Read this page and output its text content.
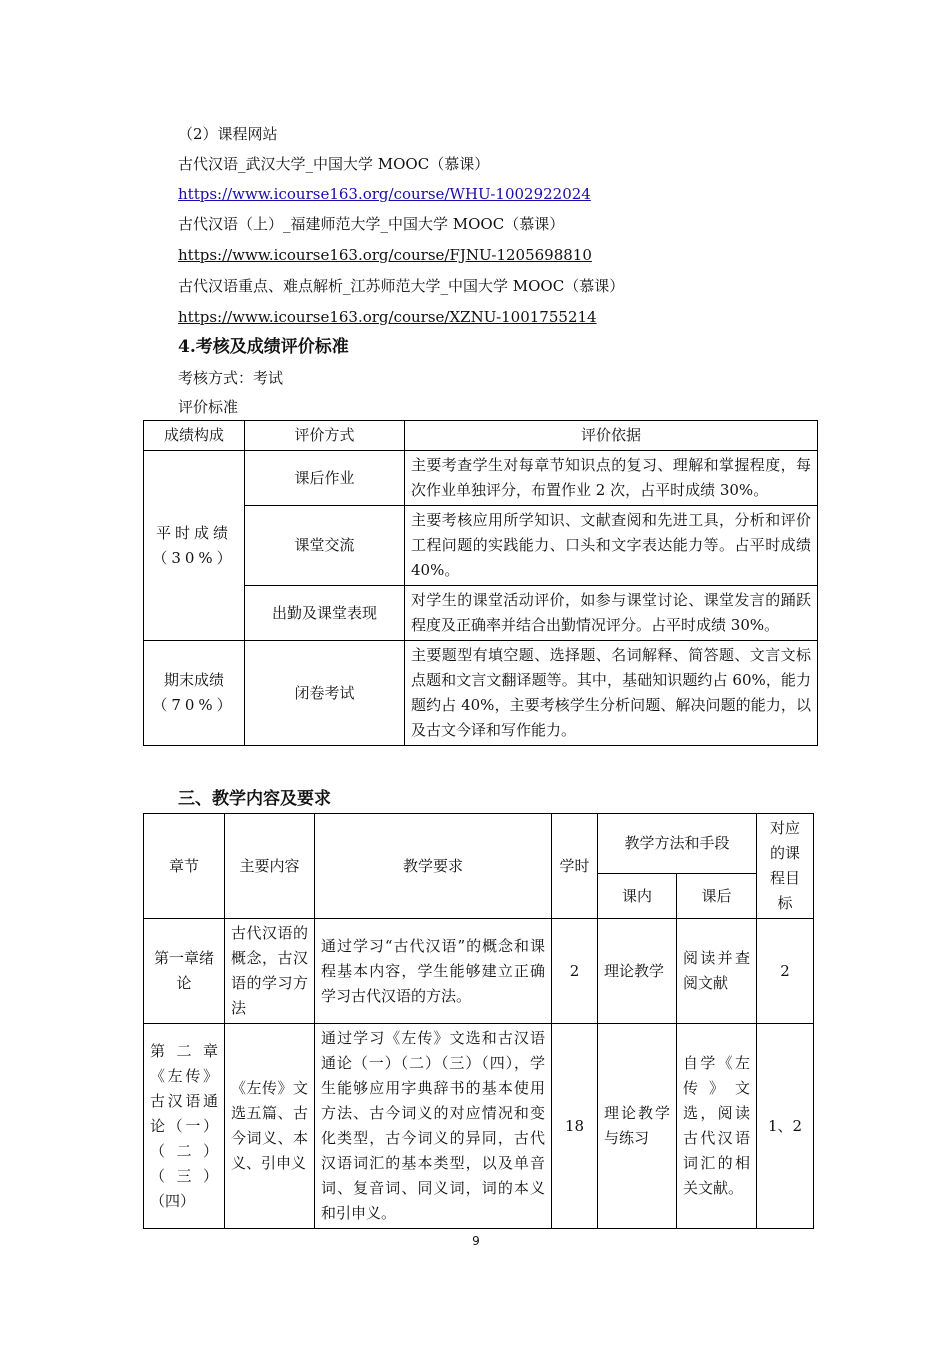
（2）课程网站
古代汉语_武汉大学_中国大学 MOOC（慕课）
https://www.icourse163.org/course/WHU-1002922024
古代汉语（上）_福建师范大学_中国大学 MOOC（慕课）
https://www.icourse163.org/course/FJNU-1205698810
古代汉语重点、难点解析_江苏师范大学_中国大学 MOOC（慕课）
https://www.icourse163.org/course/XZNU-1001755214
4.考核及成绩评价标准
考核方式：考试
评价标准
成绩构成	评价方式	评价依据

平时成绩
（30%）	课后作业	主要考查学生对每章节知识点的复习、理解和掌握程度，每次作业单独评分，布置作业 2 次，占平时成绩 30%。
	课堂交流	主要考核应用所学知识、文献查阅和先进工具，分析和评价工程问题的实践能力、口头和文字表达能力等。占平时成绩 40%。
	出勤及课堂表现	对学生的课堂活动评价，如参与课堂讨论、课堂发言的踊跃程度及正确率并结合出勤情况评分。占平时成绩 30%。

期末成绩
（70%）	闭卷考试	主要题型有填空题、选择题、名词解释、简答题、文言文标点题和文言文翻译题等。其中，基础知识题约占 60%，能力题约占 40%，主要考核学生分析问题、解决问题的能力，以及古文今译和写作能力。
三、教学内容及要求
章节	主要内容	教学要求	学时	教学方法和手段		对应的课程目标
				课内	课后	
第一章绪论	古代汉语的概念，古汉语的学习方法	通过学习“古代汉语”的概念和课程基本内容，学生能够建立正确学习古代汉语的方法。	2	理论教学	阅读并查阅文献	2
第二章《左传》古汉语通论（一）（二）（三）（四）	《左传》文选五篇、古今词义、本义、引申义	通过学习《左传》文选和古汉语通论（一）（二）（三）（四），学生能够应用字典辞书的基本使用方法、古今词义的对应情况和变化类型，古今词义的异同，古代汉语词汇的基本类型，以及单音词、复音词、同义词，词的本义和引申义。	18	理论教学与练习	自学《左传》文选，阅读古代汉语词汇的相关文献。	1、2
9
